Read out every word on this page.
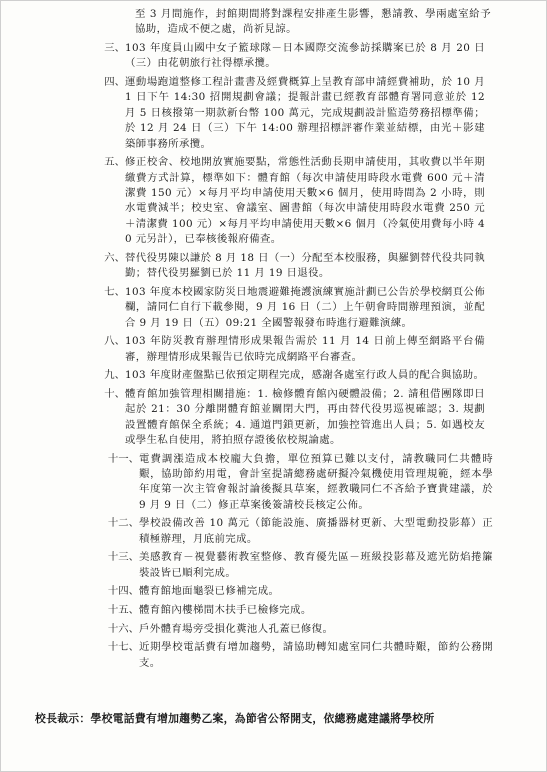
至 3 月間施作，封館期間將對課程安排產生影響，懇請教、學兩處室給予協助，造成不便之處，尚祈見諒。
三、 103 年度員山國中女子籃球隊－日本國際交流參訪採購案已於 8 月 20 日（三）由花朝旅行社得標承攬。
四、 運動場跑道整修工程計畫書及經費概算上呈教育部申請經費補助，於 10 月 1 日下午 14:30 招開規劃會議；提報計畫已經教育部體育署同意並於 12 月 5 日核撥第一期款新台幣 100 萬元，完成規劃設計監造勞務招標準備；於 12 月 24 日（三）下午 14:00 辦理招標評審作業並結標，由光＋影建築師事務所承攬。
五、 修正校舍、校地開放實施要點，常態性活動長期申請使用，其收費以半年期繳費方式計算，標準如下：體育館（每次申請使用時段水電費 600 元＋清潔費 150 元）×每月平均申請使用天數×6 個月，使用時間為 2 小時，則水電費減半；校史室、會議室、圖書館（每次申請使用時段水電費 250 元＋清潔費 100 元）×每月平均申請使用天數×6 個月（冷氣使用費每小時 40 元另計），已奉核後報府備查。
六、 替代役男陳以謙於 8 月 18 日（一）分配至本校服務，與羅劉替代役共同執勤；替代役男羅劉已於 11 月 19 日退役。
七、 103 年度本校國家防災日地震避難掩護演練實施計劃已公告於學校網頁公佈欄，請同仁自行下載參閱，9 月 16 日（二）上午朝會時間辦理預演，並配合 9 月 19 日（五）09:21 全國警報發布時進行避難演練。
八、 103 年防災教育辦理情形成果報告需於 11 月 14 日前上傳至網路平台備審，辦理情形成果報告已依時完成網路平台審查。
九、 103 年度財產盤點已依預定期程完成，感謝各處室行政人員的配合與協助。
十、 體育館加強管理相關措施：1. 檢修體育館內硬體設備；2. 請租借團隊即日起於 21：30 分離開體育館並關閉大門，再由替代役男巡視確認；3. 規劃設置體育館保全系統；4. 通道門鎖更新，加強控管進出人員；5. 如遇校友或學生私自使用，將拍照存證後依校規論處。
十一、 電費調漲造成本校龐大負擔，單位預算已難以支付，請教職同仁共體時艱，協助節約用電，會計室提請總務處研擬冷氣機使用管理規範，經本學年度第一次主管會報討論後擬具草案，經教職同仁不吝給予寶貴建議，於 9 月 9 日（二）修正草案後簽請校長核定公佈。
十二、 學校設備改善 10 萬元（節能設施、廣播器材更新、大型電動投影幕）正積極辦理，月底前完成。
十三、 美感教育－視覺藝術教室整修、教育優先區－班級投影幕及遮光防焰捲簾裝設皆已順利完成。
十四、 體育館地面龜裂已修補完成。
十五、 體育館內樓梯間木扶手已檢修完成。
十六、 戶外體育場旁受損化糞池人孔蓋已修復。
十七、 近期學校電話費有增加趨勢，請協助轉知處室同仁共體時艱，節約公務開支。
校長裁示：學校電話費有增加趨勢乙案，為節省公帑開支，依總務處建議將學校所
